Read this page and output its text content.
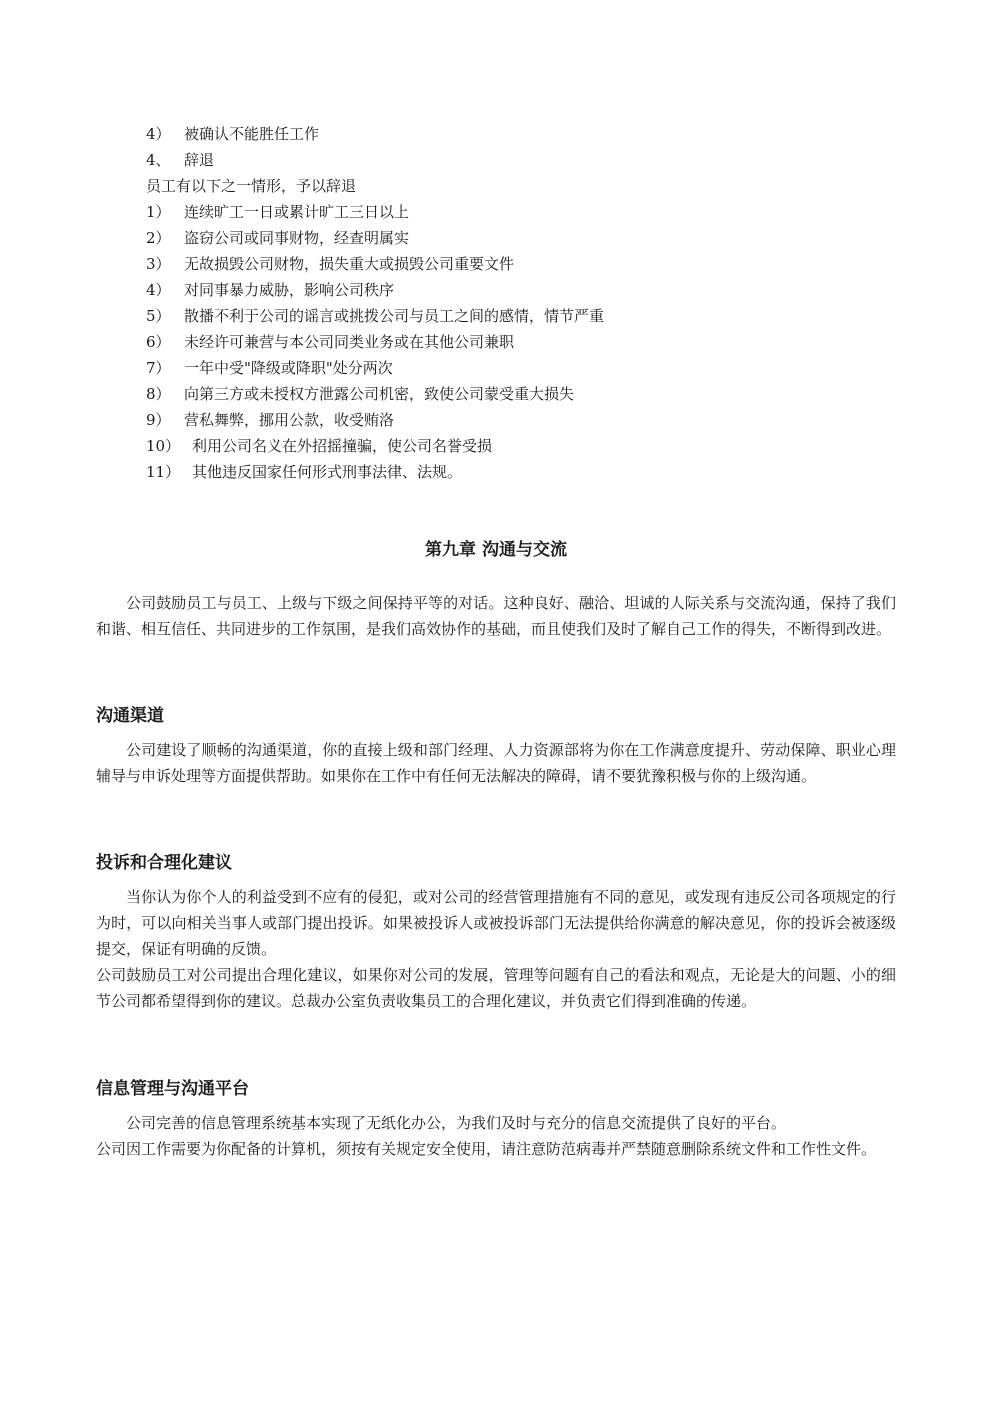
4） 被确认不能胜任工作
4、 辞退
员工有以下之一情形，予以辞退
1） 连续旷工一日或累计旷工三日以上
2） 盗窃公司或同事财物，经查明属实
3） 无故损毁公司财物，损失重大或损毁公司重要文件
4） 对同事暴力威胁，影响公司秩序
5） 散播不利于公司的谣言或挑拨公司与员工之间的感情，情节严重
6） 未经许可兼营与本公司同类业务或在其他公司兼职
7） 一年中受"降级或降职"处分两次
8） 向第三方或未授权方泄露公司机密，致使公司蒙受重大损失
9） 营私舞弊，挪用公款，收受贿洛
10） 利用公司名义在外招摇撞骗，使公司名誉受损
11） 其他违反国家任何形式刑事法律、法规。
第九章 沟通与交流

公司鼓励员工与员工、上级与下级之间保持平等的对话。这种良好、融洽、坦诚的人际关系与交流沟通，保持了我们和谐、相互信任、共同进步的工作氛围，是我们高效协作的基础，而且使我们及时了解自己工作的得失，不断得到改进。

沟通渠道

公司建设了顺畅的沟通渠道，你的直接上级和部门经理、人力资源部将为你在工作满意度提升、劳动保障、职业心理辅导与申诉处理等方面提供帮助。如果你在工作中有任何无法解决的障碍，请不要犹豫积极与你的上级沟通。

投诉和合理化建议

当你认为你个人的利益受到不应有的侵犯，或对公司的经营管理措施有不同的意见，或发现有违反公司各项规定的行为时，可以向相关当事人或部门提出投诉。如果被投诉人或被投诉部门无法提供给你满意的解决意见，你的投诉会被逐级提交，保证有明确的反馈。

公司鼓励员工对公司提出合理化建议，如果你对公司的发展，管理等问题有自己的看法和观点，无论是大的问题、小的细节公司都希望得到你的建议。总裁办公室负责收集员工的合理化建议，并负责它们得到准确的传递。

信息管理与沟通平台

公司完善的信息管理系统基本实现了无纸化办公，为我们及时与充分的信息交流提供了良好的平台。

公司因工作需要为你配备的计算机，须按有关规定安全使用，请注意防范病毒并严禁随意删除系统文件和工作性文件。
